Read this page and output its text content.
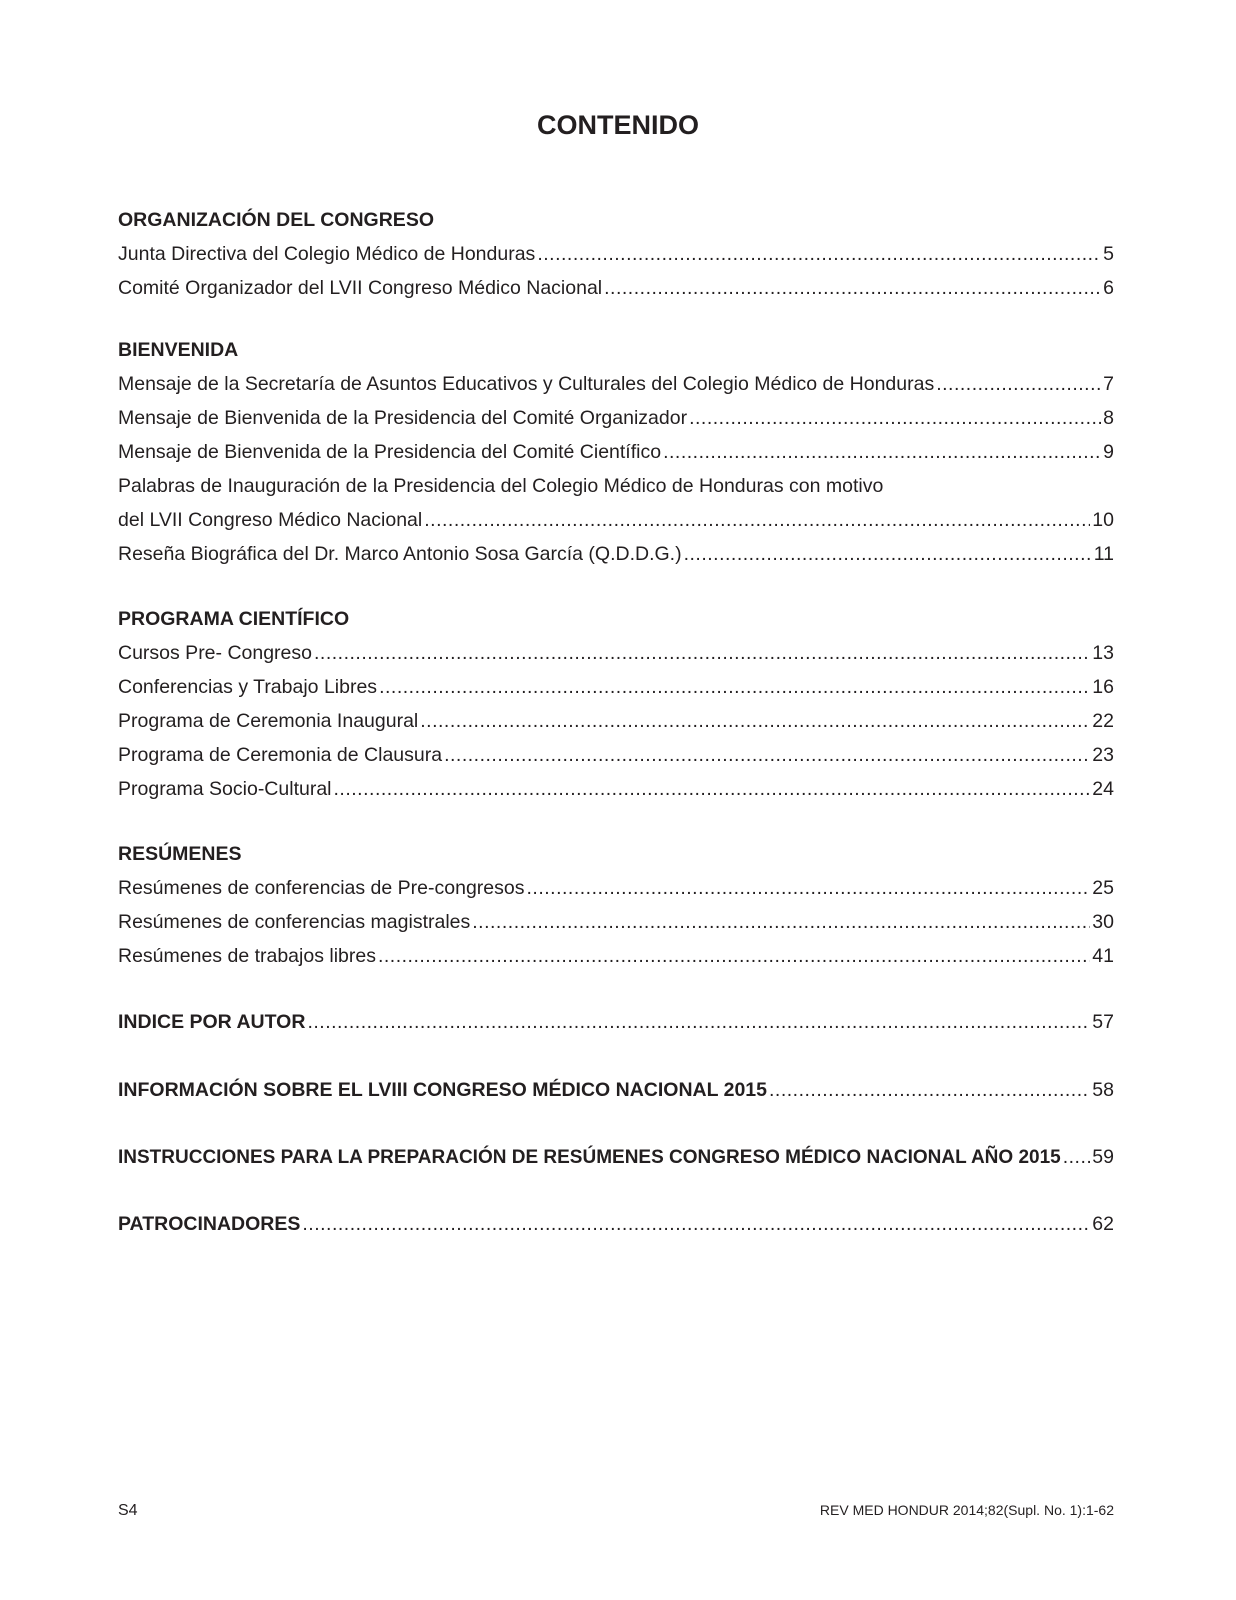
CONTENIDO
ORGANIZACIÓN DEL CONGRESO
Junta Directiva del Colegio Médico de Honduras .....	5
Comité Organizador del LVII Congreso Médico Nacional .....	6
BIENVENIDA
Mensaje de la Secretaría de Asuntos Educativos y Culturales del Colegio Médico de Honduras .....	7
Mensaje de Bienvenida de la Presidencia del Comité Organizador .....	8
Mensaje de Bienvenida de la Presidencia del Comité Científico .....	9
Palabras de Inauguración de la Presidencia del Colegio Médico de Honduras con motivo
del LVII Congreso Médico Nacional .....	10
Reseña Biográfica del Dr. Marco Antonio Sosa García (Q.D.D.G.) .....	11
PROGRAMA CIENTÍFICO
Cursos Pre- Congreso .....	13
Conferencias y Trabajo Libres .....	16
Programa de Ceremonia Inaugural .....	22
Programa de Ceremonia de Clausura .....	23
Programa Socio-Cultural .....	24
RESÚMENES
Resúmenes de conferencias de Pre-congresos .....	25
Resúmenes de conferencias magistrales .....	30
Resúmenes de trabajos libres .....	41
INDICE POR AUTOR .....	57
INFORMACIÓN SOBRE EL LVIII CONGRESO MÉDICO NACIONAL 2015 .....	58
INSTRUCCIONES PARA LA PREPARACIÓN DE RESÚMENES CONGRESO MÉDICO NACIONAL AÑO 2015 ..... 59
PATROCINADORES .....	62
S4	REV MED HONDUR 2014;82(Supl. No. 1):1-62
